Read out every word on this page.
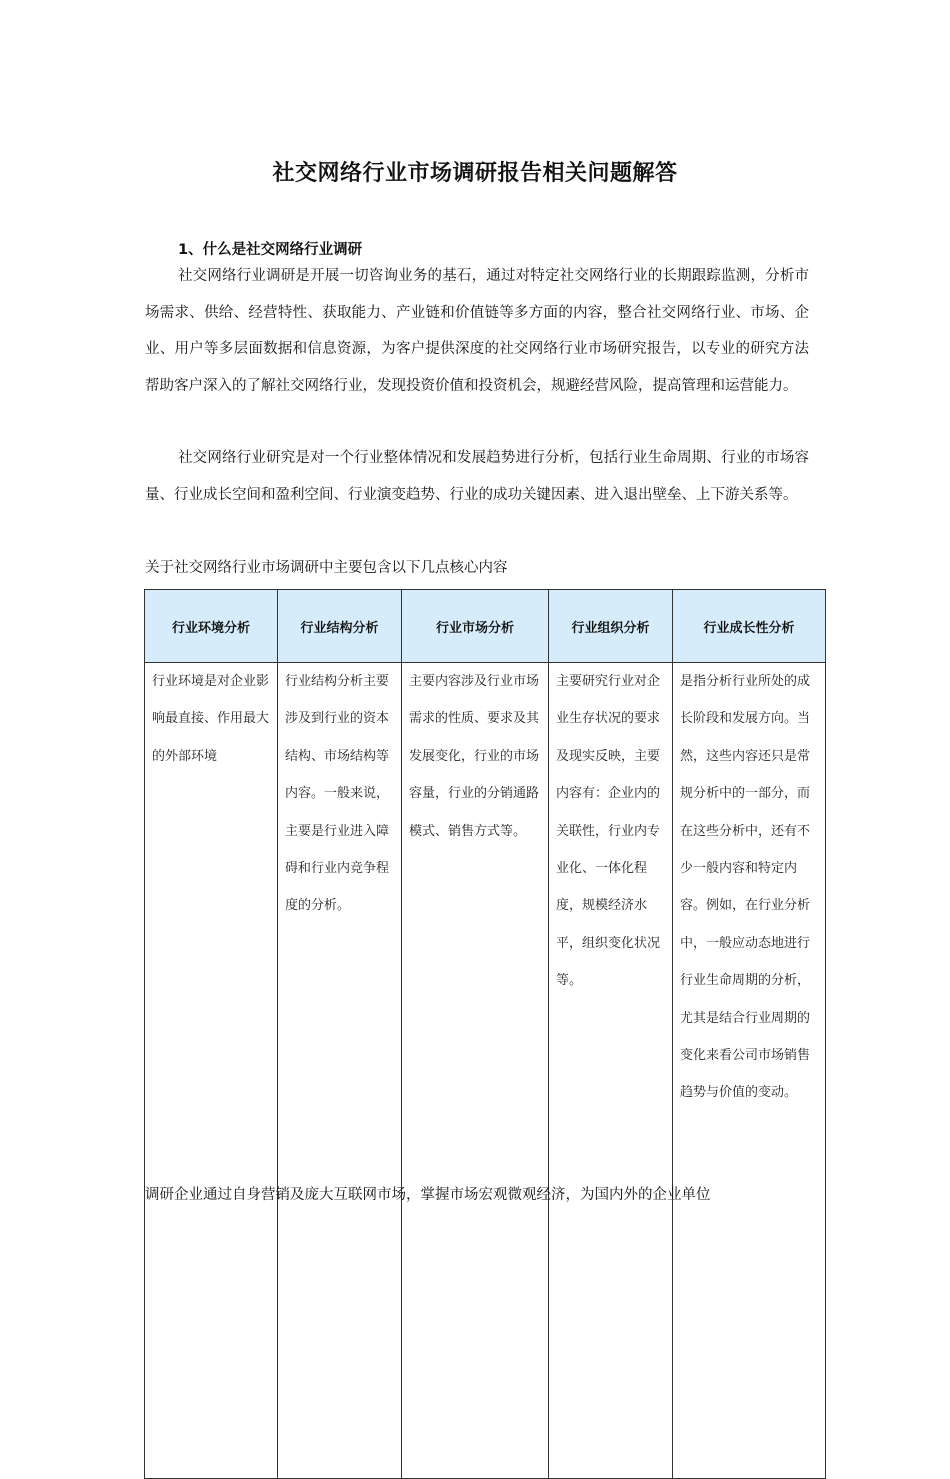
社交网络行业市场调研报告相关问题解答
1、什么是社交网络行业调研

社交网络行业调研是开展一切咨询业务的基石，通过对特定社交网络行业的长期跟踪监测，分析市场需求、供给、经营特性、获取能力、产业链和价值链等多方面的内容，整合社交网络行业、市场、企业、用户等多层面数据和信息资源，为客户提供深度的社交网络行业市场研究报告，以专业的研究方法帮助客户深入的了解社交网络行业，发现投资价值和投资机会，规避经营风险，提高管理和运营能力。

社交网络行业研究是对一个行业整体情况和发展趋势进行分析，包括行业生命周期、行业的市场容量、行业成长空间和盈利空间、行业演变趋势、行业的成功关键因素、进入退出壁垒、上下游关系等。

关于社交网络行业市场调研中主要包含以下几点核心内容
行业环境分析	行业结构分析	行业市场分析	行业组织分析	行业成长性分析
行业环境是对企业影响最直接、作用最大的外部环境	行业结构分析主要涉及到行业的资本结构、市场结构等内容。一般来说，主要是行业进入障碍和行业内竞争程度的分析。	主要内容涉及行业市场需求的性质、要求及其发展变化，行业的市场容量，行业的分销通路模式、销售方式等。	主要研究行业对企业生存状况的要求及现实反映，主要内容有：企业内的关联性，行业内专业化、一体化程度，规模经济水平，组织变化状况等。	是指分析行业所处的成长阶段和发展方向。当然，这些内容还只是常规分析中的一部分，而在这些分析中，还有不少一般内容和特定内容。例如，在行业分析中，一般应动态地进行行业生命周期的分析，尤其是结合行业周期的变化来看公司市场销售趋势与价值的变动。
调研企业通过自身营销及庞大互联网市场，掌握市场宏观微观经济，为国内外的企业单位
